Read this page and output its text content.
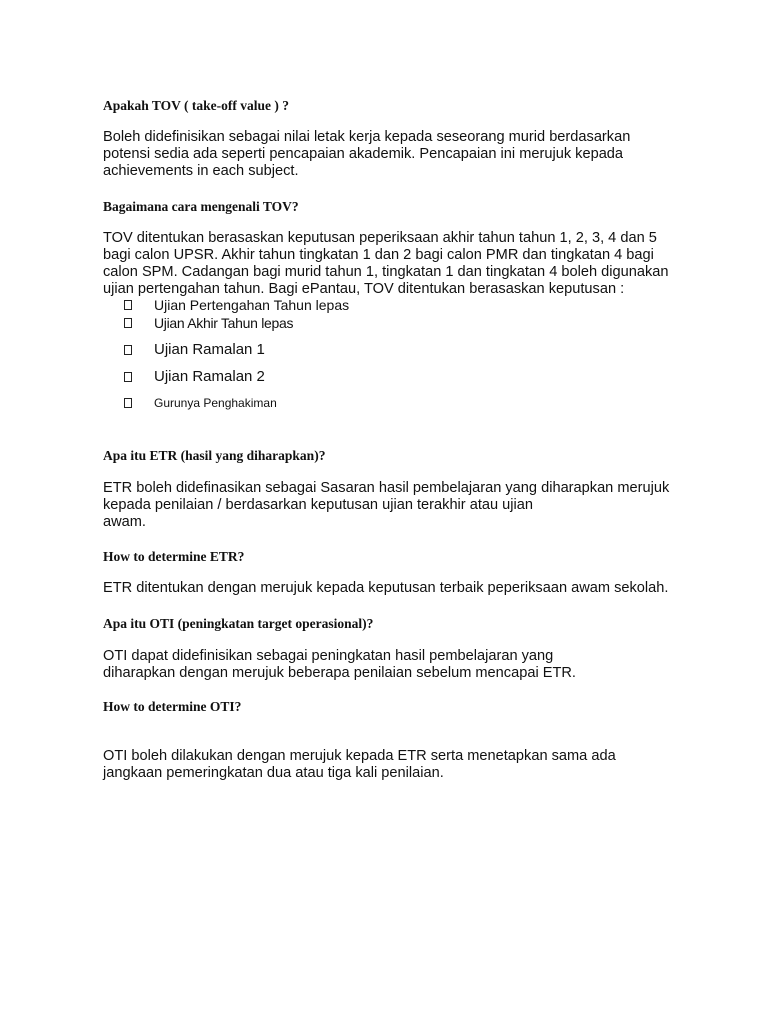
Apakah TOV ( take-off value ) ?

Boleh didefinisikan sebagai nilai letak kerja kepada seseorang murid berdasarkan
potensi sedia ada seperti pencapaian akademik. Pencapaian ini merujuk kepada
achievements in each subject.

Bagaimana cara mengenali TOV?

TOV ditentukan berasaskan keputusan peperiksaan akhir tahun tahun 1, 2, 3, 4 dan 5
bagi calon UPSR. Akhir tahun tingkatan 1 dan 2 bagi calon PMR dan tingkatan 4 bagi
calon SPM. Cadangan bagi murid tahun 1, tingkatan 1 dan tingkatan 4 boleh digunakan
ujian pertengahan tahun. Bagi ePantau, TOV ditentukan berasaskan keputusan :

Ujian Pertengahan Tahun lepas
Ujian Akhir Tahun lepas
Ujian Ramalan 1
Ujian Ramalan 2
Gurunya Penghakiman
Apa itu ETR (hasil yang diharapkan)?

ETR boleh didefinasikan sebagai Sasaran hasil pembelajaran yang diharapkan merujuk
kepada penilaian / berdasarkan keputusan ujian terakhir atau ujian
awam.

How to determine ETR?

ETR ditentukan dengan merujuk kepada keputusan terbaik peperiksaan awam sekolah.

Apa itu OTI (peningkatan target operasional)?

OTI dapat didefinisikan sebagai peningkatan hasil pembelajaran yang
diharapkan dengan merujuk beberapa penilaian sebelum mencapai ETR.

How to determine OTI?

OTI boleh dilakukan dengan merujuk kepada ETR serta menetapkan sama ada
jangkaan pemeringkatan dua atau tiga kali penilaian.
